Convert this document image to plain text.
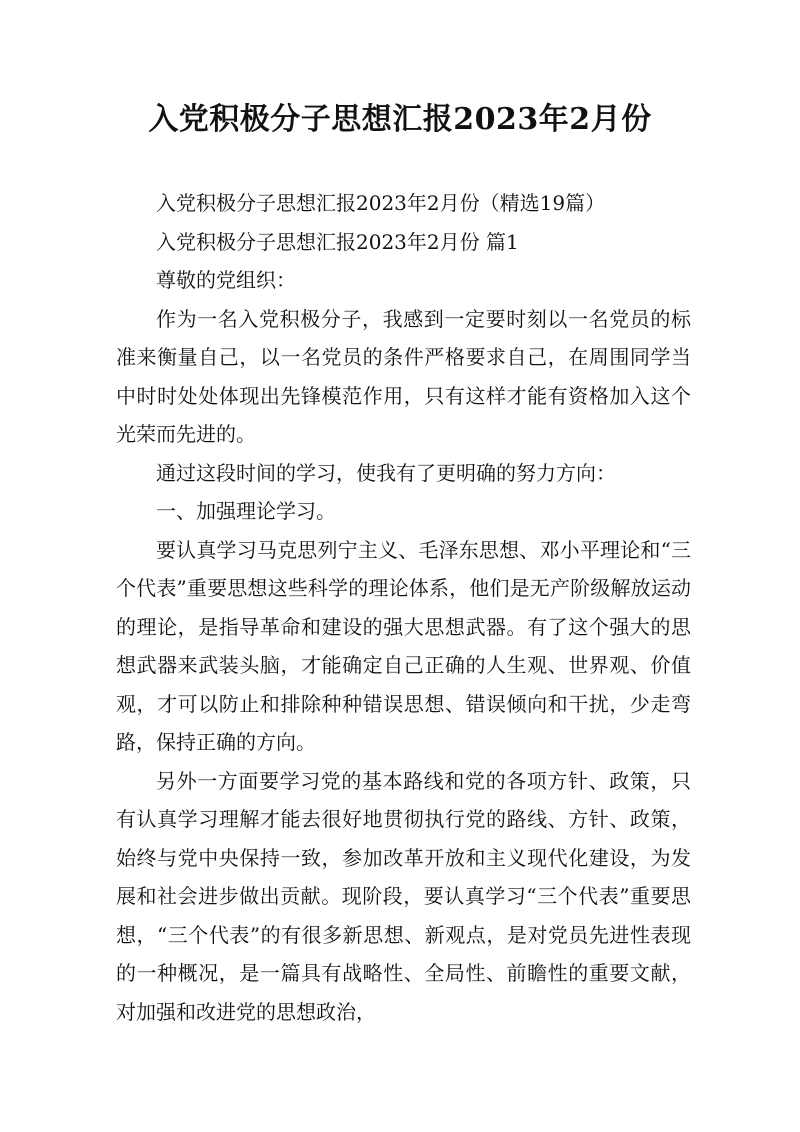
入党积极分子思想汇报2023年2月份

入党积极分子思想汇报2023年2月份（精选19篇）

入党积极分子思想汇报2023年2月份 篇1

尊敬的党组织：

作为一名入党积极分子，我感到一定要时刻以一名党员的标准来衡量自己，以一名党员的条件严格要求自己，在周围同学当中时时处处体现出先锋模范作用，只有这样才能有资格加入这个光荣而先进的。

通过这段时间的学习，使我有了更明确的努力方向：

一、加强理论学习。

要认真学习马克思列宁主义、毛泽东思想、邓小平理论和“三个代表”重要思想这些科学的理论体系，他们是无产阶级解放运动的理论，是指导革命和建设的强大思想武器。有了这个强大的思想武器来武装头脑，才能确定自己正确的人生观、世界观、价值观，才可以防止和排除种种错误思想、错误倾向和干扰，少走弯路，保持正确的方向。

另外一方面要学习党的基本路线和党的各项方针、政策，只有认真学习理解才能去很好地贯彻执行党的路线、方针、政策，始终与党中央保持一致，参加改革开放和主义现代化建设，为发展和社会进步做出贡献。现阶段，要认真学习“三个代表”重要思想，“三个代表”的有很多新思想、新观点，是对党员先进性表现的一种概况，是一篇具有战略性、全局性、前瞻性的重要文献，对加强和改进党的思想政治，
